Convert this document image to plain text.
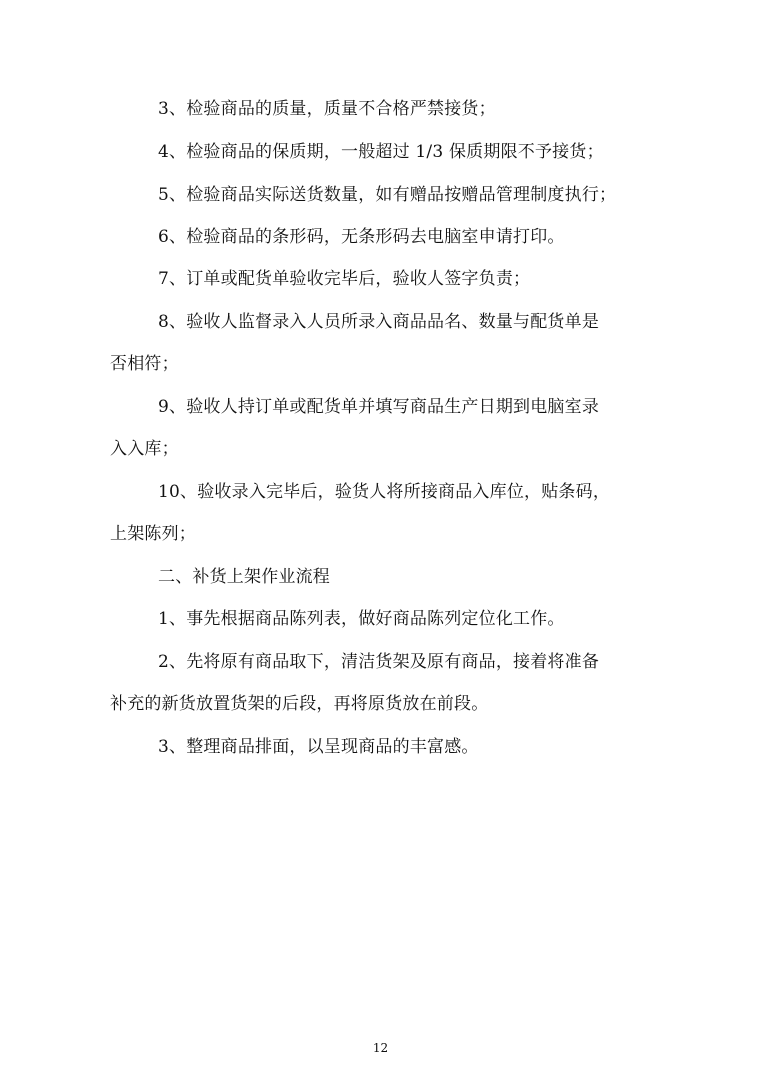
3、检验商品的质量，质量不合格严禁接货；
4、检验商品的保质期，一般超过 1/3 保质期限不予接货；
5、检验商品实际送货数量，如有赠品按赠品管理制度执行；
6、检验商品的条形码，无条形码去电脑室申请打印。
7、订单或配货单验收完毕后，验收人签字负责；
8、验收人监督录入人员所录入商品品名、数量与配货单是
否相符；
9、验收人持订单或配货单并填写商品生产日期到电脑室录
入入库；
10、验收录入完毕后，验货人将所接商品入库位，贴条码，
上架陈列；
二、补货上架作业流程
1、事先根据商品陈列表，做好商品陈列定位化工作。
2、先将原有商品取下，清洁货架及原有商品，接着将准备
补充的新货放置货架的后段，再将原货放在前段。
3、整理商品排面，以呈现商品的丰富感。
12
